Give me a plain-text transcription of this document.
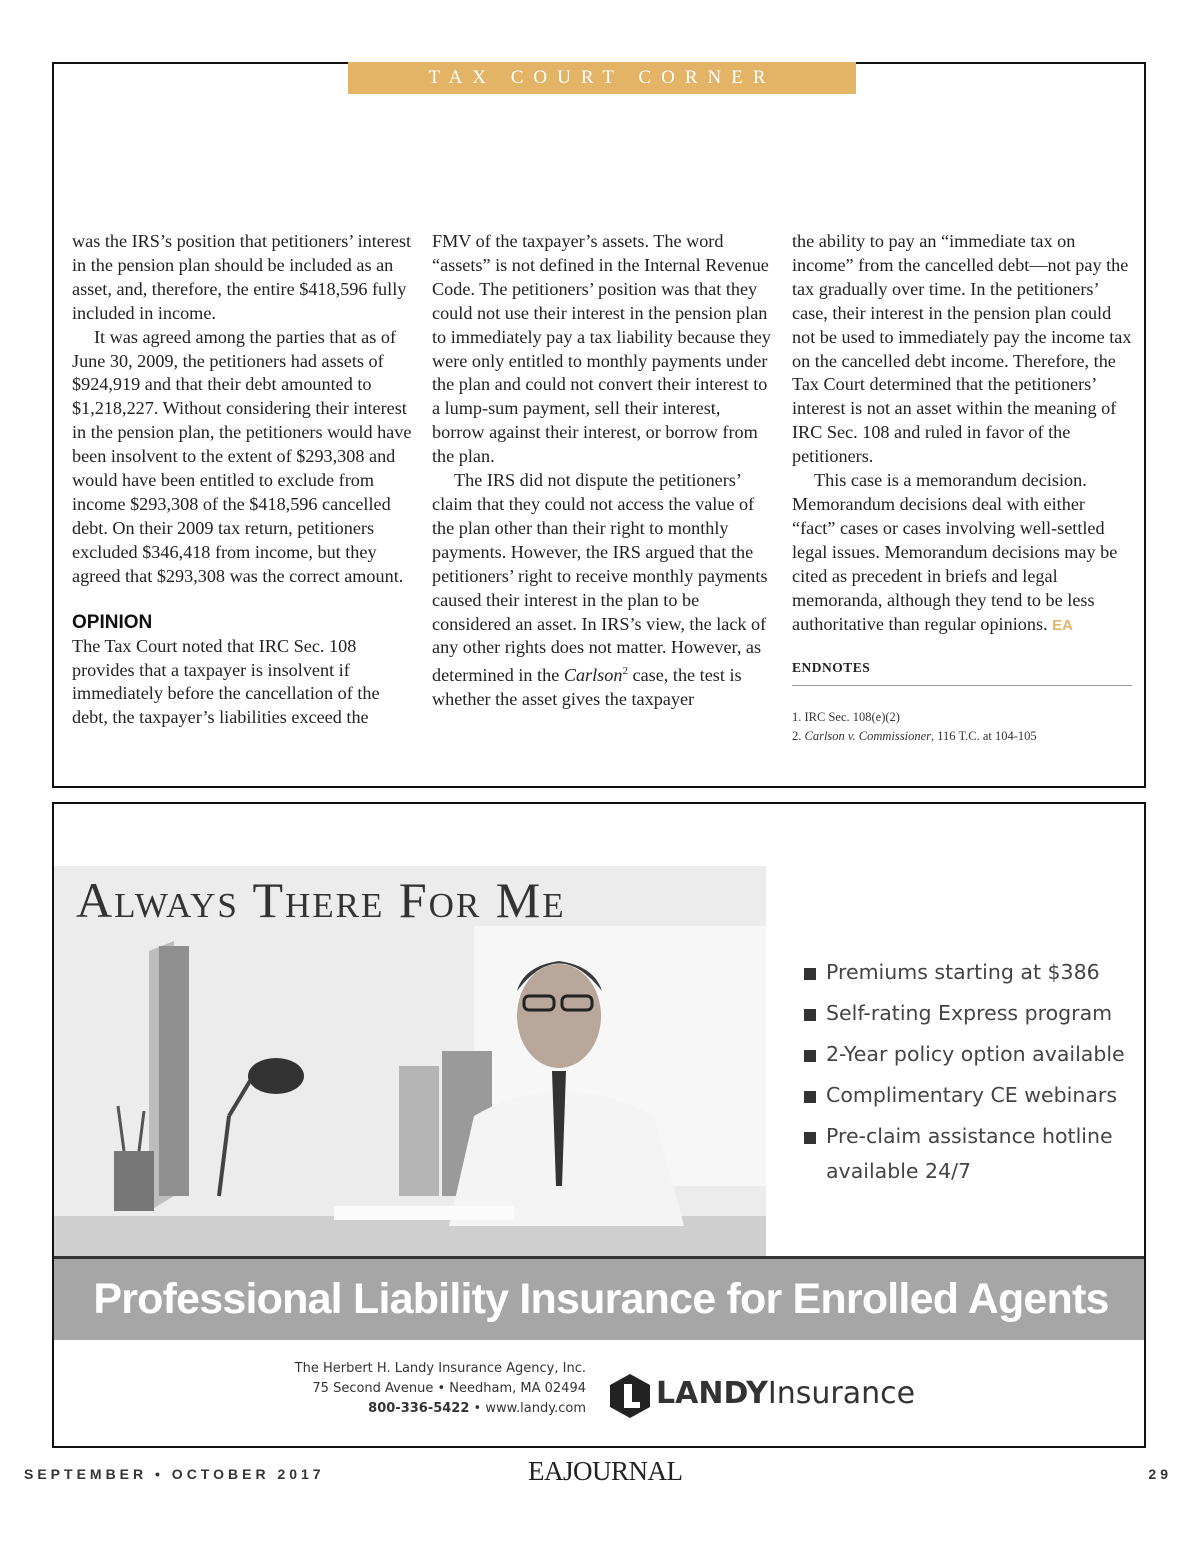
TAX COURT CORNER

was the IRS’s position that petitioners’ interest in the pension plan should be included as an asset, and, therefore, the entire $418,596 fully included in income.

It was agreed among the parties that as of June 30, 2009, the petitioners had assets of $924,919 and that their debt amounted to $1,218,227. Without considering their interest in the pension plan, the petitioners would have been insolvent to the extent of $293,308 and would have been entitled to exclude from income $293,308 of the $418,596 cancelled debt. On their 2009 tax return, petitioners excluded $346,418 from income, but they agreed that $293,308 was the correct amount.

OPINION

The Tax Court noted that IRC Sec. 108 provides that a taxpayer is insolvent if immediately before the cancellation of the debt, the taxpayer’s liabilities exceed the

FMV of the taxpayer’s assets. The word “assets” is not defined in the Internal Revenue Code. The petitioners’ position was that they could not use their interest in the pension plan to immediately pay a tax liability because they were only entitled to monthly payments under the plan and could not convert their interest to a lump-sum payment, sell their interest, borrow against their interest, or borrow from the plan.

The IRS did not dispute the petitioners’ claim that they could not access the value of the plan other than their right to monthly payments. However, the IRS argued that the petitioners’ right to receive monthly payments caused their interest in the plan to be considered an asset. In IRS’s view, the lack of any other rights does not matter. However, as determined in the Carlson$^2$ case, the test is whether the asset gives the taxpayer

the ability to pay an “immediate tax on income” from the cancelled debt—not pay the tax gradually over time. In the petitioners’ case, their interest in the pension plan could not be used to immediately pay the income tax on the cancelled debt income. Therefore, the Tax Court determined that the petitioners’ interest is not an asset within the meaning of IRC Sec. 108 and ruled in favor of the petitioners.

This case is a memorandum decision. Memorandum decisions deal with either “fact” cases or cases involving well-settled legal issues. Memorandum decisions may be cited as precedent in briefs and legal memoranda, although they tend to be less authoritative than regular opinions. EA

ENDNOTES
1. IRC Sec. 108(e)(2)
2. Carlson v. Commissioner, 116 T.C. at 104-105
Always There For Me
Premiums starting at $386
Self-rating Express program
2-Year policy option available
Complimentary CE webinars
Pre-claim assistance hotline
available 24/7
Professional Liability Insurance for Enrolled Agents
The Herbert H. Landy Insurance Agency, Inc.
75 Second Avenue • Needham, MA 02494
800-336-5422 • www.landy.com LANDYInsurance
SEPTEMBER • OCTOBER 2017	EAJOURNAL	29
